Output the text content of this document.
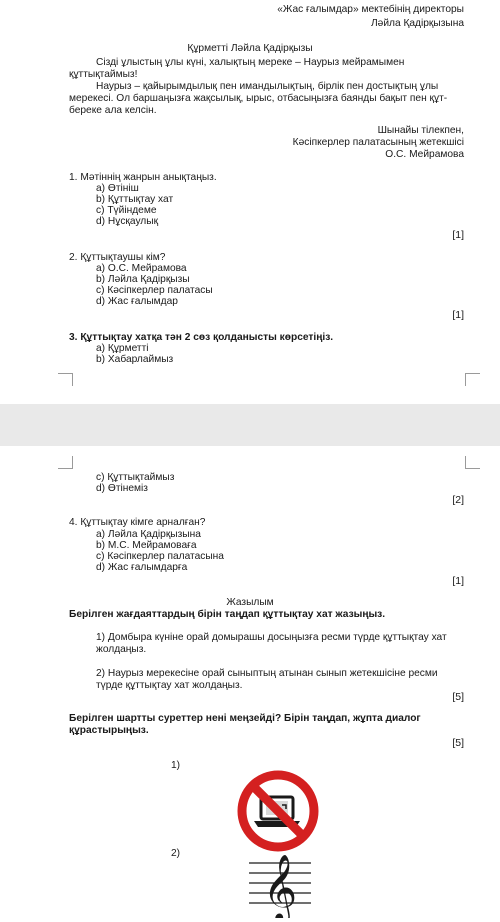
«Жас ғалымдар» мектебінің директоры
Ләйла Қадірқызына
Құрметті Ләйла Қадірқызы
Сізді ұлыстың ұлы күні, халықтың мереке – Наурыз мейрамымен
құттықтаймыз!
Наурыз – қайырымдылық пен имандылықтың, бірлік пен достықтың ұлы
мерекесі. Ол баршаңызға жақсылық, ырыс, отбасыңызға баянды бақыт пен құт-
береке ала келсін.
Шынайы тілекпен,
Кәсіпкерлер палатасының жетекшісі
О.С. Мейрамова
1. Мәтіннің жанрын анықтаңыз.
a) Өтініш
b) Құттықтау хат
c) Түйіндеме
d) Нұсқаулық
[1]
2. Құттықтаушы кім?
a) О.С. Мейрамова
b) Ләйла Қадірқызы
c) Кәсіпкерлер палатасы
d) Жас ғалымдар
[1]
3. Құттықтау хатқа тән 2 сөз қолданысты көрсетіңіз.
a) Құрметті
b) Хабарлаймыз
c) Құттықтаймыз
d) Өтінеміз
[2]
4. Құттықтау кімге арналған?
a) Ләйла Қадірқызына
b) М.С. Мейрамоваға
c) Кәсіпкерлер палатасына
d) Жас ғалымдарға
[1]
Жазылым
Берілген жағдаяттардың бірін таңдап құттықтау хат жазыңыз.
1) Домбыра күніне орай домырашы досыңызға ресми түрде құттықтау хат
жолдаңыз.
2) Наурыз мерекесіне орай сыныптың атынан сынып жетекшісіне ресми
түрде құттықтау хат жолдаңыз.
[5]
Берілген шартты суреттер нені меңзейді? Бірін таңдап, жұпта диалог
құрастырыңыз.
[5]
1)
2) 𝄞
